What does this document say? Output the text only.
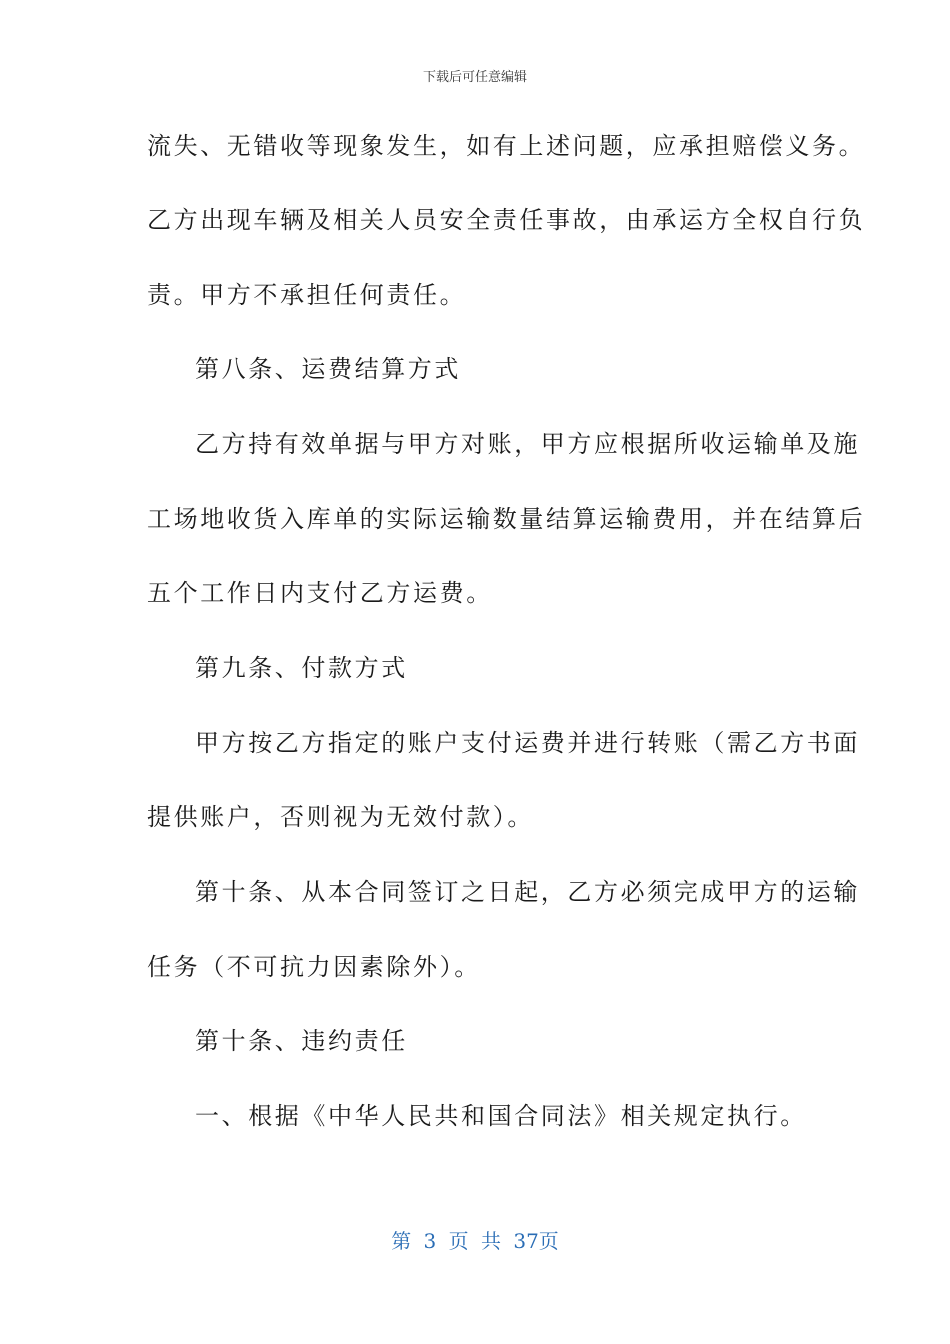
下载后可任意编辑
流失、无错收等现象发生，如有上述问题，应承担赔偿义务。
乙方出现车辆及相关人员安全责任事故，由承运方全权自行负
责。甲方不承担任何责任。
第八条、运费结算方式
乙方持有效单据与甲方对账，甲方应根据所收运输单及施
工场地收货入库单的实际运输数量结算运输费用，并在结算后
五个工作日内支付乙方运费。
第九条、付款方式
甲方按乙方指定的账户支付运费并进行转账（需乙方书面
提供账户，否则视为无效付款）。
第十条、从本合同签订之日起，乙方必须完成甲方的运输
任务（不可抗力因素除外）。
第十条、违约责任
一、根据《中华人民共和国合同法》相关规定执行。
第 3 页 共 37页
